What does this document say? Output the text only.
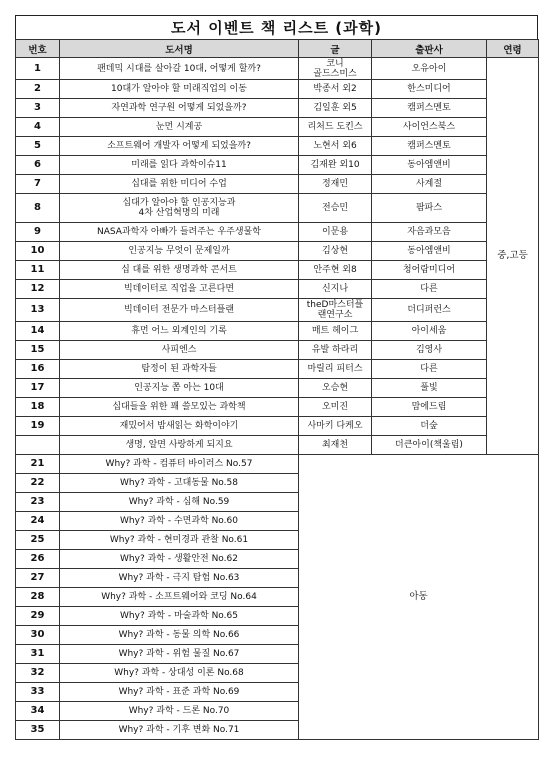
도서 이벤트 책 리스트 (과학)
번호	도서명	글	출판사	연령
1	팬데믹 시대를 살아갈 10대, 어떻게 할까?	코니
골드스미스	오유아이	중,고등
2	10대가 알아야 할 미래직업의 이동	박종서 외2	한스미디어	
3	자연과학 연구원 어떻게 되었을까?	김일훈 외5	캠퍼스멘토	
4	눈먼 시계공	리처드 도킨스	사이언스북스	
5	소프트웨어 개발자 어떻게 되었을까?	노현서 외6	캠퍼스멘토	
6	미래를 읽다 과학이슈11	김재완 외10	동아엠앤비	
7	십대를 위한 미디어 수업	정재민	사계절	
8	십대가 알아야 할 인공지능과
4차 산업혁명의 미래	전승민	팜파스	
9	NASA과학자 아빠가 들려주는 우주생물학	이문용	자음과모음	
10	인공지능 무엇이 문제일까	김상현	동아엠앤비	
11	십 대를 위한 생명과학 콘서트	안주현 외8	청어람미디어	
12	빅데이터로 직업을 고른다면	신지나	다른	
13	빅데이터 전문가 마스터플랜	theD마스터플
랜연구소	더디퍼런스	
14	휴먼 어느 외계인의 기록	매트 헤이그	아이세움	
15	사피엔스	유발 하라리	김영사	
16	탐정이 된 과학자들	마릴리 피터스	다른	
17	인공지능 쫌 아는 10대	오승현	풀빛	
18	십대들을 위한 꽤 쓸모있는 과학책	오미진	맘에드림	
19	재밌어서 밤새읽는 화학이야기	사마키 다케오	더숲	
	생명, 알면 사랑하게 되지요	최재천	더큰아이(책울림)	
21	Why? 과학 - 컴퓨터 바이러스 No.57	아동		
22	Why? 과학 - 고대동물 No.58			
23	Why? 과학 - 심해 No.59			
24	Why? 과학 - 수면과학 No.60			
25	Why? 과학 - 현미경과 관찰 No.61			
26	Why? 과학 - 생활안전 No.62			
27	Why? 과학 - 극지 탐험 No.63			
28	Why? 과학 - 소프트웨어와 코딩 No.64			
29	Why? 과학 - 마술과학 No.65			
30	Why? 과학 - 동물 의학 No.66			
31	Why? 과학 - 위험 물질 No.67			
32	Why? 과학 - 상대성 이론 No.68			
33	Why? 과학 - 표준 과학 No.69			
34	Why? 과학 - 드론 No.70			
35	Why? 과학 - 기후 변화 No.71			
